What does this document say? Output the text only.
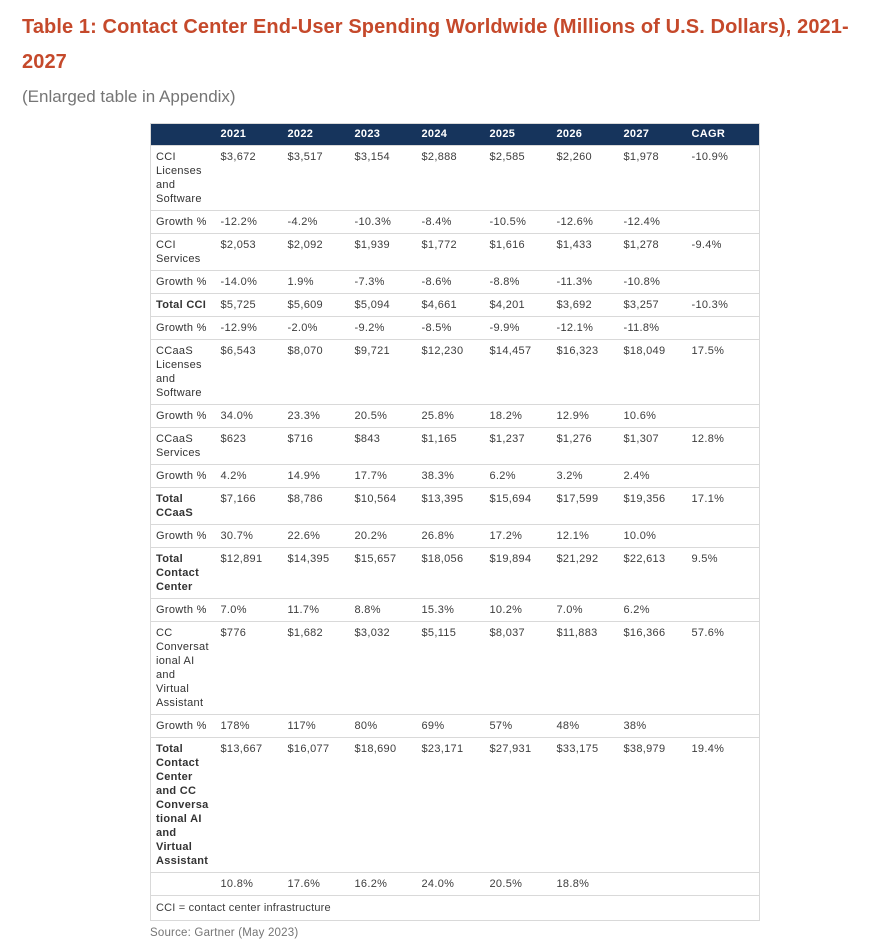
Table 1: Contact Center End-User Spending Worldwide (Millions of U.S. Dollars), 2021-2027

(Enlarged table in Appendix)

	2021	2022	2023	2024	2025	2026	2027	CAGR
CCI Licenses and Software	$3,672	$3,517	$3,154	$2,888	$2,585	$2,260	$1,978	-10.9%
Growth %	-12.2%	-4.2%	-10.3%	-8.4%	-10.5%	-12.6%	-12.4%	
CCI Services	$2,053	$2,092	$1,939	$1,772	$1,616	$1,433	$1,278	-9.4%
Growth %	-14.0%	1.9%	-7.3%	-8.6%	-8.8%	-11.3%	-10.8%	
Total CCI	$5,725	$5,609	$5,094	$4,661	$4,201	$3,692	$3,257	-10.3%
Growth %	-12.9%	-2.0%	-9.2%	-8.5%	-9.9%	-12.1%	-11.8%	
CCaaS Licenses and Software	$6,543	$8,070	$9,721	$12,230	$14,457	$16,323	$18,049	17.5%
Growth %	34.0%	23.3%	20.5%	25.8%	18.2%	12.9%	10.6%	
CCaaS Services	$623	$716	$843	$1,165	$1,237	$1,276	$1,307	12.8%
Growth %	4.2%	14.9%	17.7%	38.3%	6.2%	3.2%	2.4%	
Total CCaaS	$7,166	$8,786	$10,564	$13,395	$15,694	$17,599	$19,356	17.1%
Growth %	30.7%	22.6%	20.2%	26.8%	17.2%	12.1%	10.0%	
Total Contact Center	$12,891	$14,395	$15,657	$18,056	$19,894	$21,292	$22,613	9.5%
Growth %	7.0%	11.7%	8.8%	15.3%	10.2%	7.0%	6.2%	
CC Conversational AI and Virtual Assistant	$776	$1,682	$3,032	$5,115	$8,037	$11,883	$16,366	57.6%
Growth %	178%	117%	80%	69%	57%	48%	38%	
Total Contact Center and CC Conversational AI and Virtual Assistant	$13,667	$16,077	$18,690	$23,171	$27,931	$33,175	$38,979	19.4%
	10.8%	17.6%	16.2%	24.0%	20.5%	18.8%		
CCI = contact center infrastructure								

Source: Gartner (May 2023)
